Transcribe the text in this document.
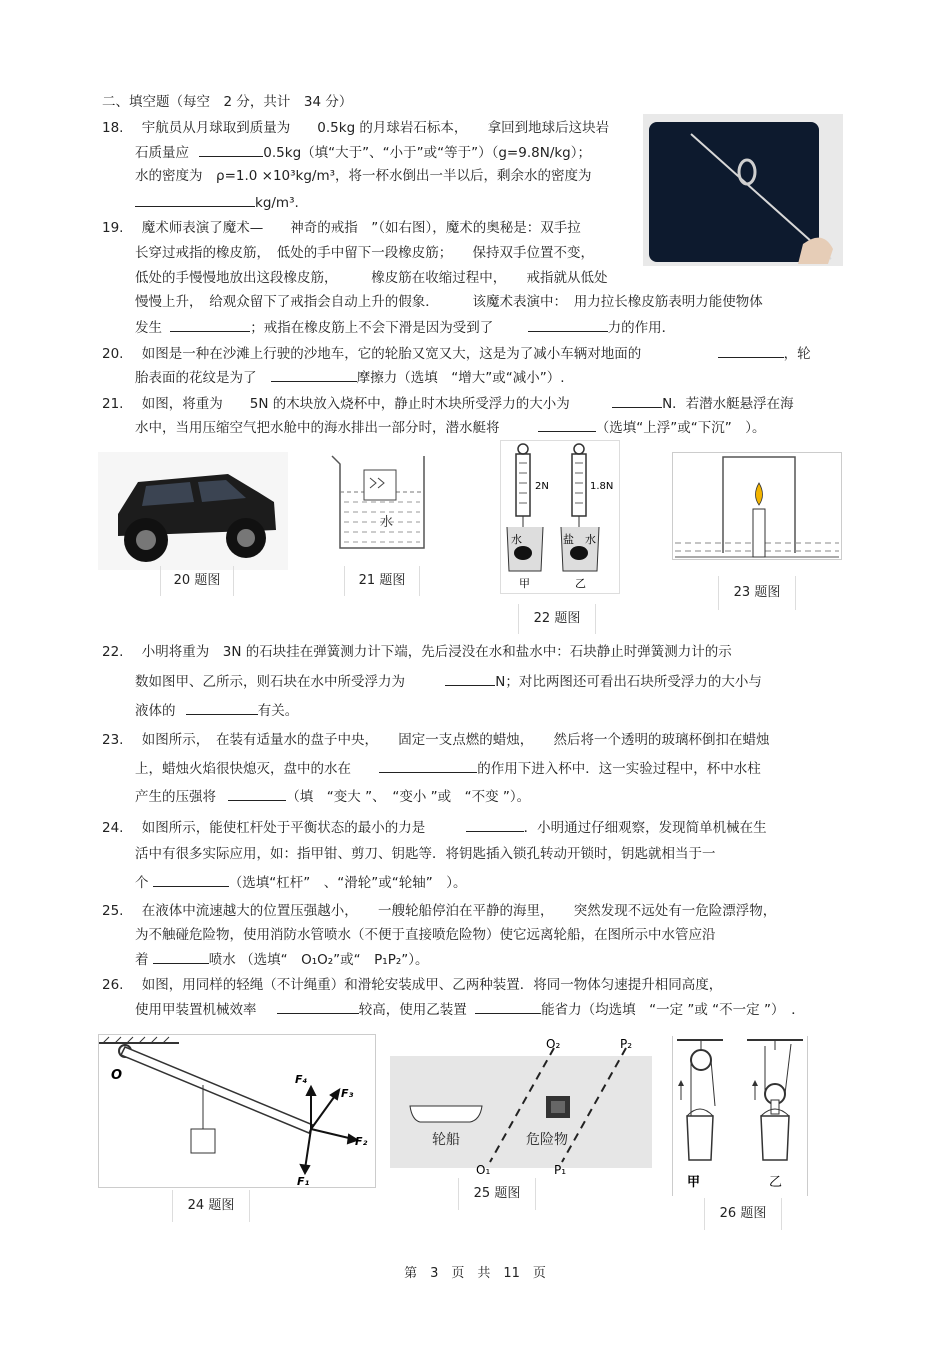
二、填空题（每空　2 分，共计　34 分）
18. 宇航员从月球取到质量为　　0.5kg 的月球岩石标本，　　拿回到地球后这块岩
石质量应	0.5kg（填“大于”、“小于”或“等于”）（g=9.8N/kg）；
水的密度为　ρ=1.0 ×10³kg/m³，将一杯水倒出一半以后，剩余水的密度为
kg/m³.
19. 魔术师表演了魔术—　　神奇的戒指　”（如右图），魔术的奥秘是：双手拉
长穿过戒指的橡皮筋，　低处的手中留下一段橡皮筋；　　保持双手位置不变，
低处的手慢慢地放出这段橡皮筋，　　　橡皮筋在收缩过程中，　　戒指就从低处
慢慢上升，　给观众留下了戒指会自动上升的假象．　　　该魔术表演中：　用力拉长橡皮筋表明力能使物体
发生	；戒指在橡皮筋上不会下滑是因为受到了	力的作用．
20. 如图是一种在沙滩上行驶的沙地车，它的轮胎又宽又大，这是为了减小车辆对地面的	，轮
胎表面的花纹是为了	摩擦力（选填　“增大”或“减小”）.
21. 如图，将重为　　5N 的木块放入烧杯中，静止时木块所受浮力的大小为	N．若潜水艇悬浮在海
水中，当用压缩空气把水舱中的海水排出一部分时，潜水艇将	（选填“上浮”或“下沉”　）。
20 题图
水
21 题图
2N	1.8N
水	盐 水
甲	乙
22 题图
23 题图
22. 小明将重为　3N 的石块挂在弹簧测力计下端，先后浸没在水和盐水中：石块静止时弹簧测力计的示
数如图甲、乙所示，则石块在水中所受浮力为	N；对比两图还可看出石块所受浮力的大小与
液体的	有关。
23. 如图所示，　在装有适量水的盘子中央，　　固定一支点燃的蜡烛，　　然后将一个透明的玻璃杯倒扣在蜡烛
上，蜡烛火焰很快熄灭，盘中的水在	的作用下进入杯中．这一实验过程中，杯中水柱
产生的压强将	（填　“变大 ”、　“变小 ”或　“不变 ”）。
24. 如图所示，能使杠杆处于平衡状态的最小的力是	．小明通过仔细观察，发现简单机械在生
活中有很多实际应用，如：指甲钳、剪刀、钥匙等．将钥匙插入锁孔转动开锁时，钥匙就相当于一
个	（选填“杠杆”　、“滑轮”或“轮轴”　）。
25. 在液体中流速越大的位置压强越小，　　一艘轮船停泊在平静的海里，　　突然发现不远处有一危险漂浮物，
为不触碰危险物，使用消防水管喷水（不便于直接喷危险物）使它远离轮船，在图所示中水管应沿
着	喷水 （选填“　O₁O₂”或“　P₁P₂”）。
26. 如图，用同样的轻绳（不计绳重）和滑轮安装成甲、乙两种装置．将同一物体匀速提升相同高度，
使用甲装置机械效率	较高，使用乙装置	能省力（均选填　“一定 ”或 “不一定 ”）　．
O	F₄
F₃
F₂
F₁
24 题图
O₂	P₂
O₁	P₁
轮船	危险物
25 题图
甲	乙
26 题图
第　3　页　共　11　页
